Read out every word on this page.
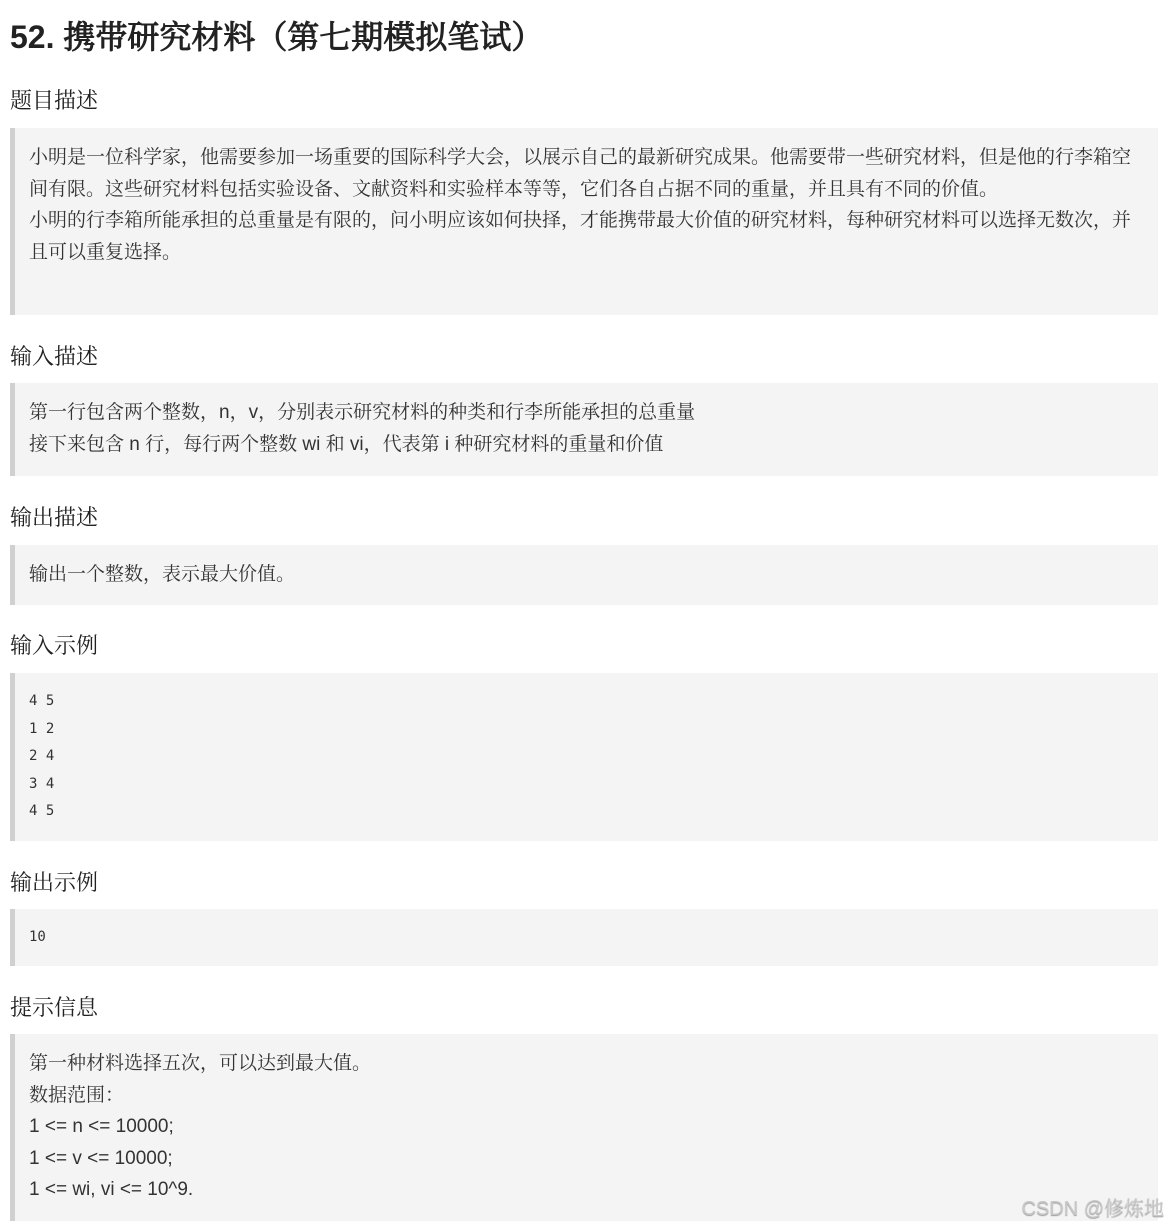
52. 携带研究材料（第七期模拟笔试）
题目描述

小明是一位科学家，他需要参加一场重要的国际科学大会，以展示自己的最新研究成果。他需要带一些研究材料，但是他的行李箱空间有限。这些研究材料包括实验设备、文献资料和实验样本等等，它们各自占据不同的重量，并且具有不同的价值。

小明的行李箱所能承担的总重量是有限的，问小明应该如何抉择，才能携带最大价值的研究材料，每种研究材料可以选择无数次，并且可以重复选择。

输入描述

第一行包含两个整数，n，v，分别表示研究材料的种类和行李所能承担的总重量

接下来包含 n 行，每行两个整数 wi 和 vi，代表第 i 种研究材料的重量和价值

输出描述

输出一个整数，表示最大价值。

输入示例
4 5
1 2
2 4
3 4
4 5
输出示例
10
提示信息

第一种材料选择五次，可以达到最大值。

数据范围：

1 <= n <= 10000;

1 <= v <= 10000;

1 <= wi, vi <= 10^9.

CSDN @修炼地
